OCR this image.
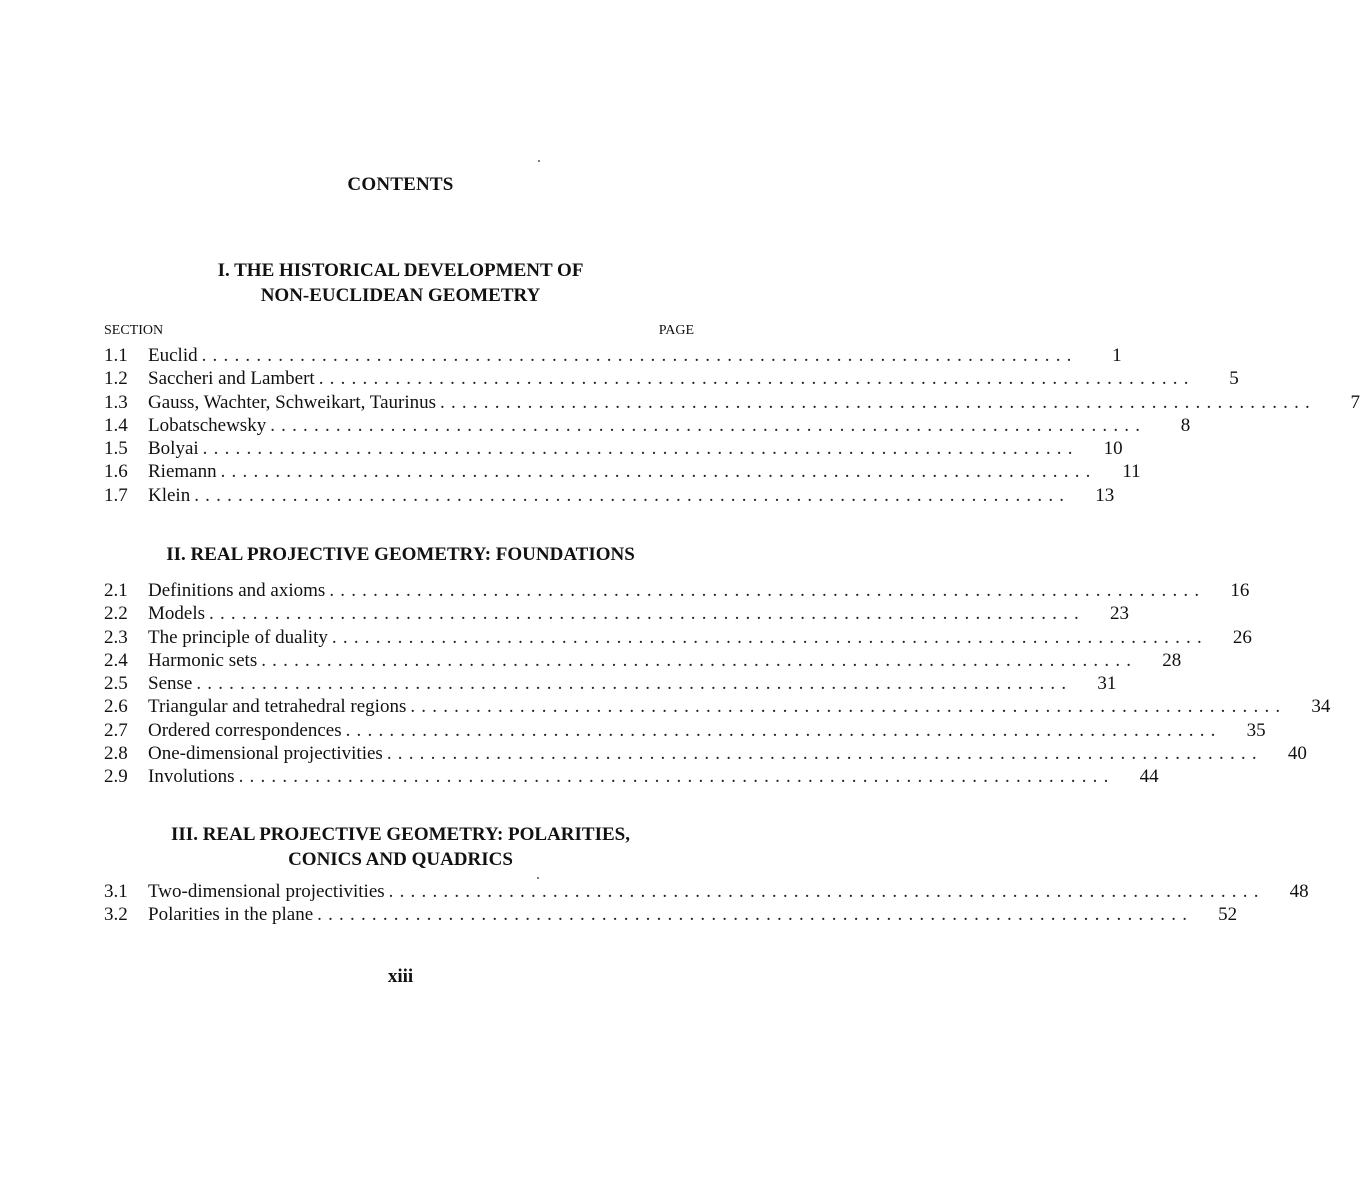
CONTENTS
I. THE HISTORICAL DEVELOPMENT OF
NON-EUCLIDEAN GEOMETRY
SECTION	PAGE
1.1	Euclid ................................................................................	1
1.2	Saccheri and Lambert ................................................................................	5
1.3	Gauss, Wachter, Schweikart, Taurinus ................................................................................	7
1.4	Lobatschewsky ................................................................................	8
1.5	Bolyai ................................................................................	10
1.6	Riemann ................................................................................	11
1.7	Klein ................................................................................	13
II. REAL PROJECTIVE GEOMETRY: FOUNDATIONS
2.1	Definitions and axioms ................................................................................	16
2.2	Models ................................................................................	23
2.3	The principle of duality ................................................................................	26
2.4	Harmonic sets ................................................................................	28
2.5	Sense ................................................................................	31
2.6	Triangular and tetrahedral regions ................................................................................	34
2.7	Ordered correspondences ................................................................................	35
2.8	One-dimensional projectivities ................................................................................	40
2.9	Involutions ................................................................................	44
III. REAL PROJECTIVE GEOMETRY: POLARITIES,
CONICS AND QUADRICS
3.1	Two-dimensional projectivities ................................................................................	48
3.2	Polarities in the plane ................................................................................	52
xiii
